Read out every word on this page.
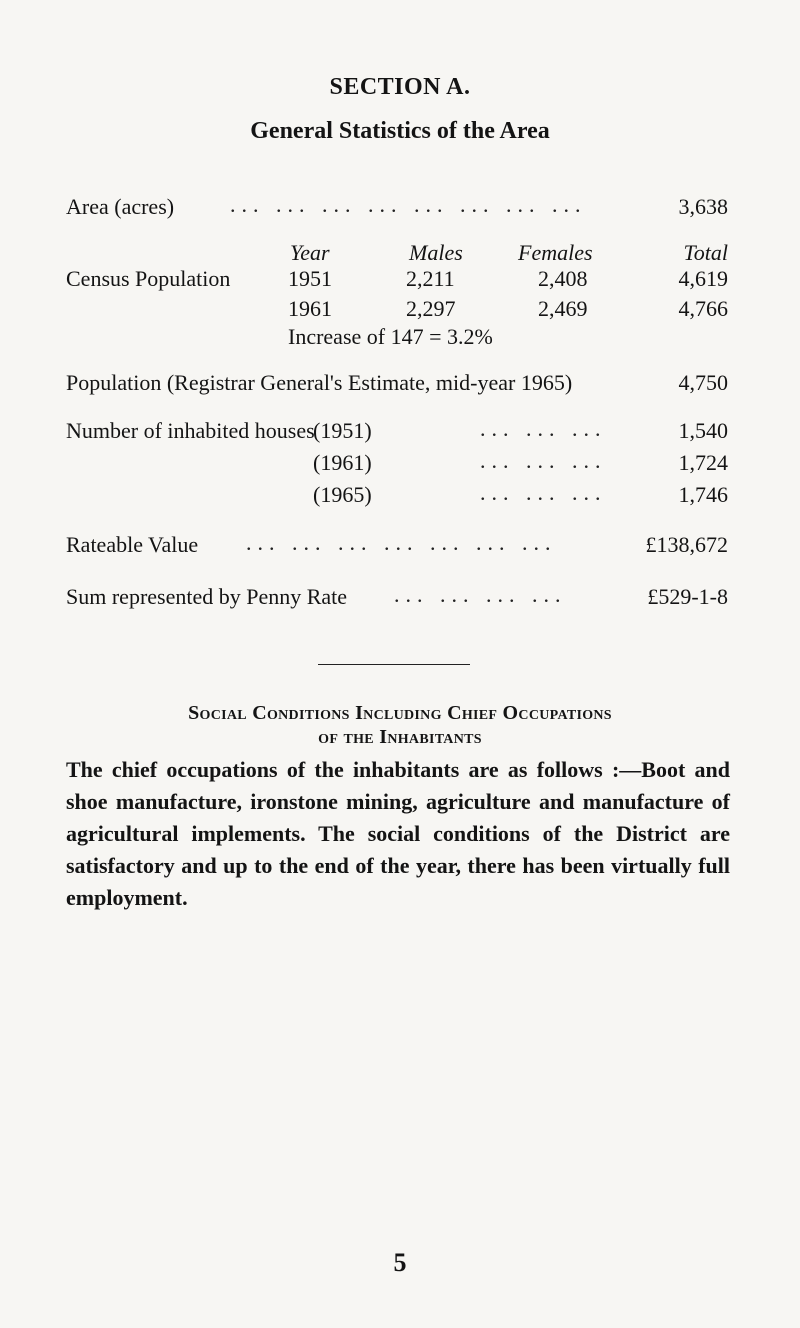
SECTION A.
General Statistics of the Area
Area (acres)	... ... ... ... ... ... ... ...	3,638
Year	Males	Females	Total
Census Population	1951	2,211	2,408	4,619
1961	2,297	2,469	4,766
Increase of 147 = 3.2%
Population (Registrar General's Estimate, mid-year 1965)	4,750
Number of inhabited houses
(1951)	... ... ...	1,540
(1961)	... ... ...	1,724
(1965)	... ... ...	1,746
Rateable Value ... ... ... ... ... ... ...	£138,672
Sum represented by Penny Rate ... ... ... ...	£529-1-8
Social Conditions Including Chief Occupations
of the Inhabitants
The chief occupations of the inhabitants are as follows :—Boot and shoe manufacture, ironstone mining, agriculture and manufacture of agricultural implements. The social conditions of the District are satisfactory and up to the end of the year, there has been virtually full employment.
5
